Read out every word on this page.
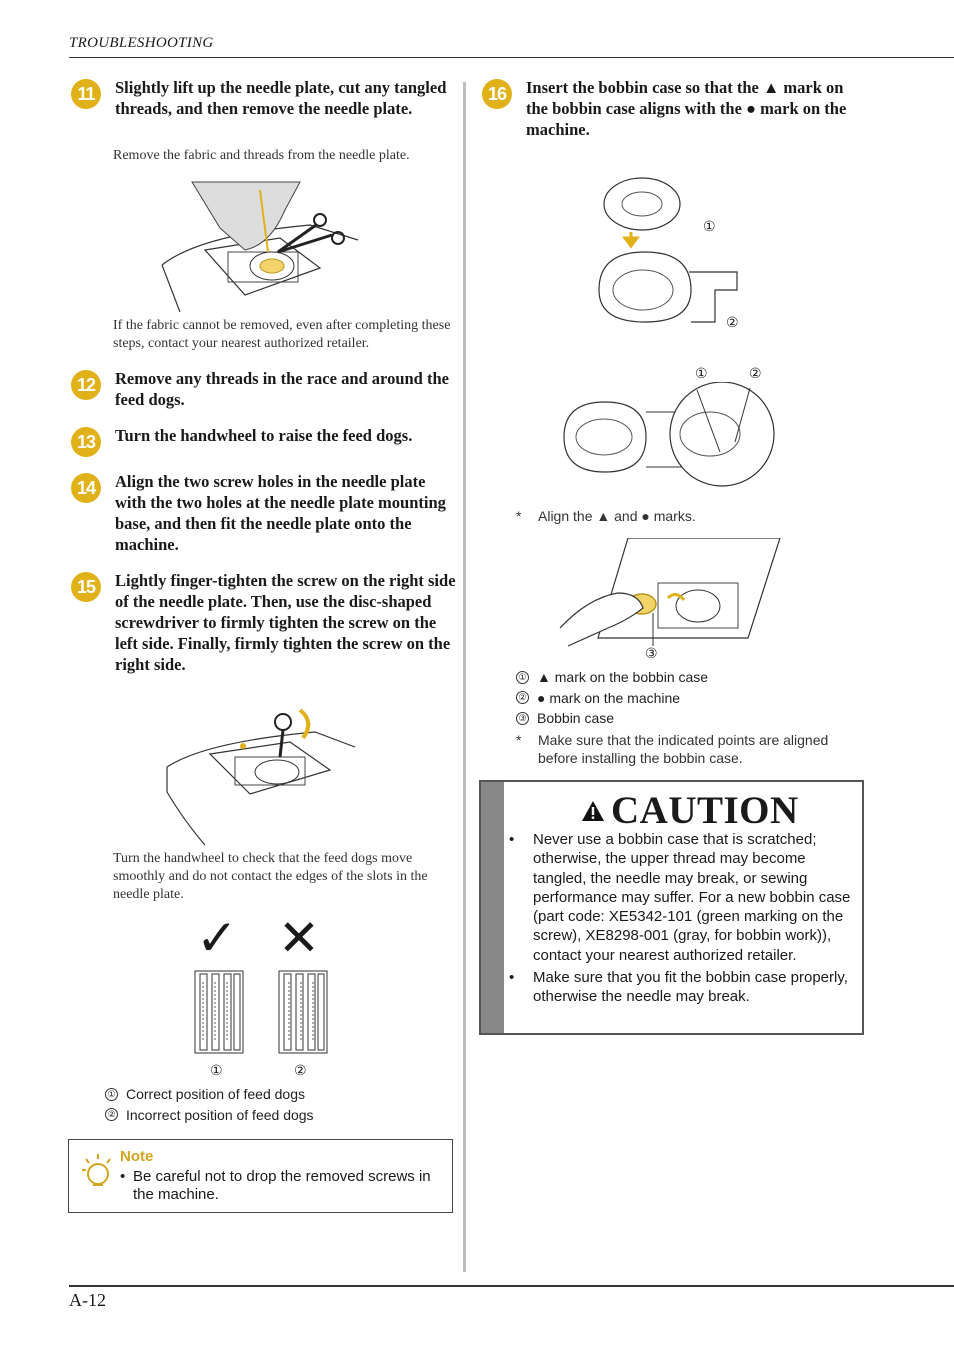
TROUBLESHOOTING
11	Slightly lift up the needle plate, cut any tangled threads, and then remove the needle plate.
Remove the fabric and threads from the needle plate.
If the fabric cannot be removed, even after completing these steps, contact your nearest authorized retailer.
12	Remove any threads in the race and around the feed dogs.
13	Turn the handwheel to raise the feed dogs.
14	Align the two screw holes in the needle plate with the two holes at the needle plate mounting base, and then fit the needle plate onto the machine.
15	Lightly finger-tighten the screw on the right side of the needle plate. Then, use the disc-shaped screwdriver to firmly tighten the screw on the left side. Finally, firmly tighten the screw on the right side.
Turn the handwheel to check that the feed dogs move smoothly and do not contact the edges of the slots in the needle plate.
✓ ✕
①	②
① Correct position of feed dogs
② Incorrect position of feed dogs
Note
• Be careful not to drop the removed screws in the machine.
16	Insert the bobbin case so that the ▲ mark on the bobbin case aligns with the ● mark on the machine.
①
②
①	②
*	Align the ▲ and ● marks.
③
① ▲ mark on the bobbin case
② ● mark on the machine
③ Bobbin case
*	Make sure that the indicated points are aligned before installing the bobbin case.
CAUTION
•	Never use a bobbin case that is scratched; otherwise, the upper thread may become tangled, the needle may break, or sewing performance may suffer. For a new bobbin case (part code: XE5342-101 (green marking on the screw), XE8298-001 (gray, for bobbin work)), contact your nearest authorized retailer.
•	Make sure that you fit the bobbin case properly, otherwise the needle may break.
A-12
